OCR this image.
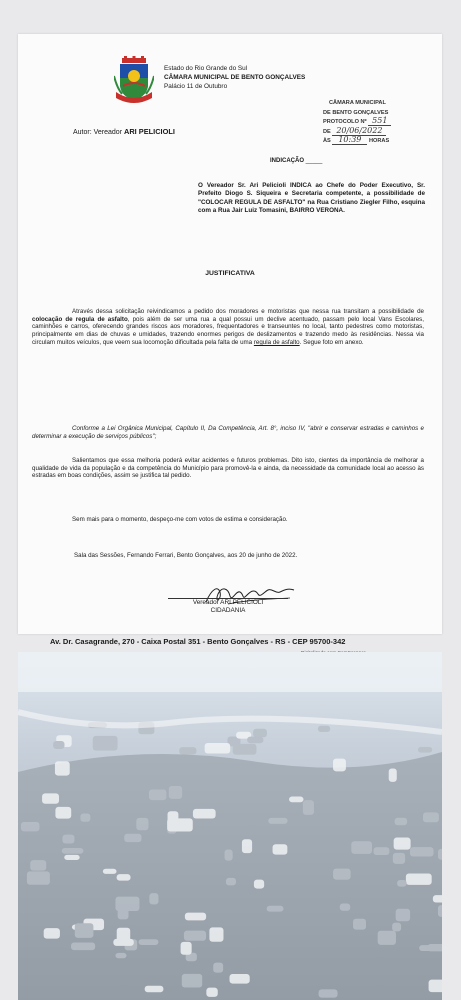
Estado do Rio Grande do Sul
CÂMARA MUNICIPAL DE BENTO GONÇALVES
Palácio 11 de Outubro
CÂMARA MUNICIPAL
DE BENTO GONÇALVES
PROTOCOLO Nº 551
DE 20/06/2022
ÀS 10:39 HORAS
Autor: Vereador ARI PELICIOLI
INDICAÇÃO _____
O Vereador Sr. Ari Pelicioli INDICA ao Chefe do Poder Executivo, Sr. Prefeito Diogo S. Siqueira e Secretaria competente, a possibilidade de "COLOCAR REGULA DE ASFALTO" na Rua Cristiano Ziegler Filho, esquina com a Rua Jair Luiz Tomasini, BAIRRO VERONA.
JUSTIFICATIVA
Através dessa solicitação reivindicamos a pedido dos moradores e motoristas que nessa rua transitam a possibilidade de colocação de regula de asfalto, pois além de ser uma rua a qual possui um declive acentuado, passam pelo local Vans Escolares, caminhões e carros, oferecendo grandes riscos aos moradores, frequentadores e transeuntes no local, tanto pedestres como motoristas, principalmente em dias de chuvas e umidades, trazendo enormes perigos de deslizamentos e trazendo medo às residências. Nessa via circulam muitos veículos, que veem sua locomoção dificultada pela falta de uma regula de asfalto. Segue foto em anexo.
Conforme a Lei Orgânica Municipal, Capítulo II, Da Competência, Art. 8°, inciso IV, "abrir e conservar estradas e caminhos e determinar a execução de serviços públicos";
Salientamos que essa melhoria poderá evitar acidentes e futuros problemas. Dito isto, cientes da importância de melhorar a qualidade de vida da população e da competência do Município para promovê-la e ainda, da necessidade da comunidade local ao acesso às estradas em boas condições, assim se justifica tal pedido.
Sem mais para o momento, despeço-me com votos de estima e consideração.
Sala das Sessões, Fernando Ferrari, Bento Gonçalves, aos 20 de junho de 2022.
Vereador ARI PELICIOLI
CIDADANIA
Av. Dr. Casagrande, 270 - Caixa Postal 351 - Bento Gonçalves - RS - CEP 95700-342
